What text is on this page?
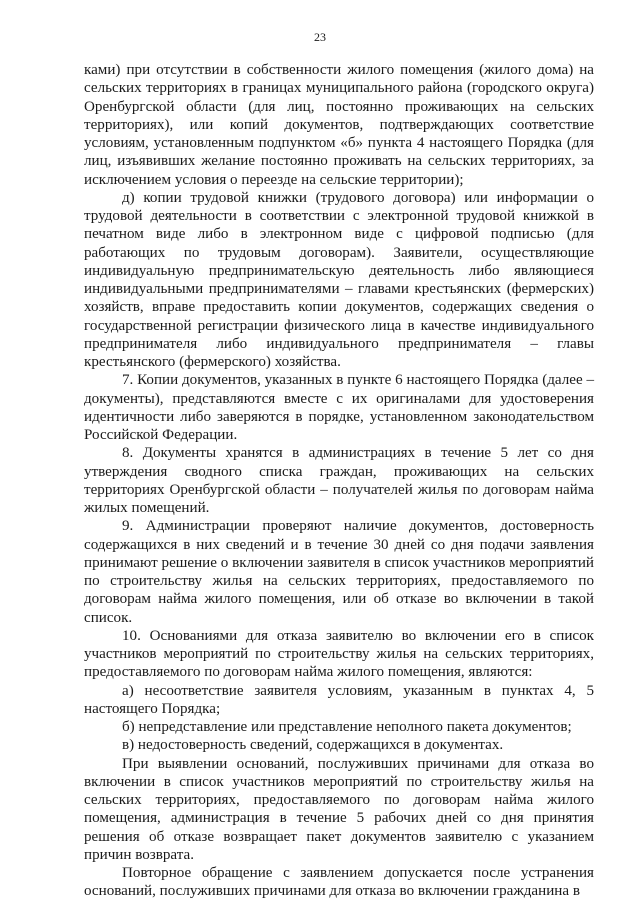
23

ками) при отсутствии в собственности жилого помещения (жилого дома) на сельских территориях в границах муниципального района (городского округа) Оренбургской области (для лиц, постоянно проживающих на сельских территориях), или копий документов, подтверждающих соответствие условиям, установленным подпунктом «б» пункта 4 настоящего Порядка (для лиц, изъявивших желание постоянно проживать на сельских территориях, за исключением условия о переезде на сельские территории);

д) копии трудовой книжки (трудового договора) или информации о трудовой деятельности в соответствии с электронной трудовой книжкой в печатном виде либо в электронном виде с цифровой подписью (для работающих по трудовым договорам). Заявители, осуществляющие индивидуальную предпринимательскую деятельность либо являющиеся индивидуальными предпринимателями – главами крестьянских (фермерских) хозяйств, вправе предоставить копии документов, содержащих сведения о государственной регистрации физического лица в качестве индивидуального предпринимателя либо индивидуального предпринимателя – главы крестьянского (фермерского) хозяйства.

7. Копии документов, указанных в пункте 6 настоящего Порядка (далее – документы), представляются вместе с их оригиналами для удостоверения идентичности либо заверяются в порядке, установленном законодательством Российской Федерации.

8. Документы хранятся в администрациях в течение 5 лет со дня утверждения сводного списка граждан, проживающих на сельских территориях Оренбургской области – получателей жилья по договорам найма жилых помещений.

9. Администрации проверяют наличие документов, достоверность содержащихся в них сведений и в течение 30 дней со дня подачи заявления принимают решение о включении заявителя в список участников мероприятий по строительству жилья на сельских территориях, предоставляемого по договорам найма жилого помещения, или об отказе во включении в такой список.

10. Основаниями для отказа заявителю во включении его в список участников мероприятий по строительству жилья на сельских территориях, предоставляемого по договорам найма жилого помещения, являются:

а) несоответствие заявителя условиям, указанным в пунктах 4, 5 настоящего Порядка;

б) непредставление или представление неполного пакета документов;

в) недостоверность сведений, содержащихся в документах.

При выявлении оснований, послуживших причинами для отказа во включении в список участников мероприятий по строительству жилья на сельских территориях, предоставляемого по договорам найма жилого помещения, администрация в течение 5 рабочих дней со дня принятия решения об отказе возвращает пакет документов заявителю с указанием причин возврата.

Повторное обращение с заявлением допускается после устранения оснований, послуживших причинами для отказа во включении гражданина в
